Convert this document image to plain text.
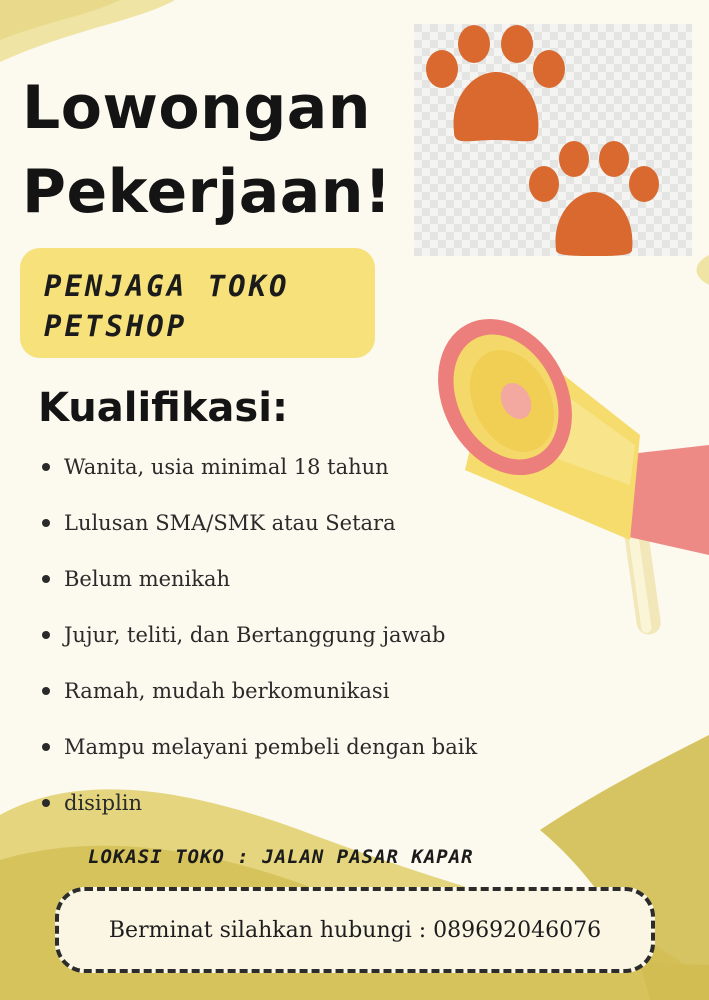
Lowongan
Pekerjaan!
PENJAGA TOKO
PETSHOP
Kualifikasi:
Wanita, usia minimal 18 tahun
Lulusan SMA/SMK atau Setara
Belum menikah
Jujur, teliti, dan Bertanggung jawab
Ramah, mudah berkomunikasi
Mampu melayani pembeli dengan baik
disiplin

LOKASI TOKO : JALAN PASAR KAPAR

Berminat silahkan hubungi : 089692046076
